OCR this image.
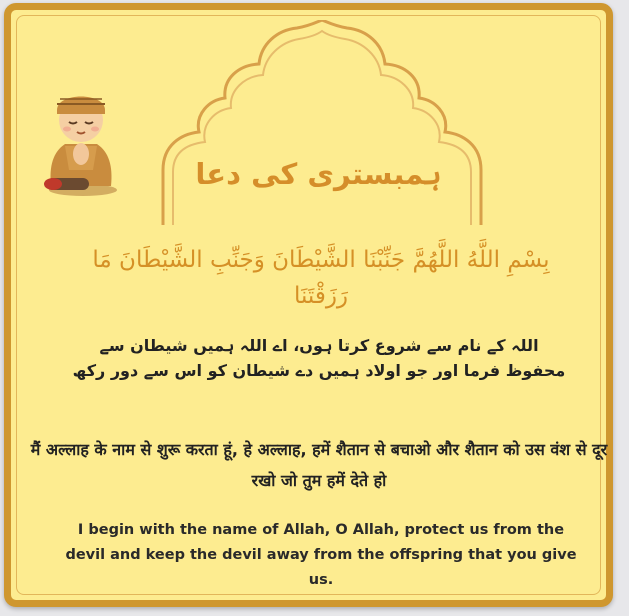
ہمبستری کی دعا
بِسْمِ اللَّهُ اللَّهُمَّ جَنِّبْنَا الشَّيْطَانَ وَجَنِّبِ الشَّيْطَانَ مَا رَزَقْتَنَا
اللہ کے نام سے شروع کرتا ہوں، اے اللہ ہمیں شیطان سے محفوظ فرما اور جو اولاد ہمیں دے شیطان کو اس سے دور رکھ
मैं अल्लाह के नाम से शुरू करता हूं, हे अल्लाह, हमें शैतान से बचाओ और शैतान को उस वंश से दूर रखो जो तुम हमें देते हो
I begin with the name of Allah, O Allah, protect us from the devil and keep the devil away from the offspring that you give us.
